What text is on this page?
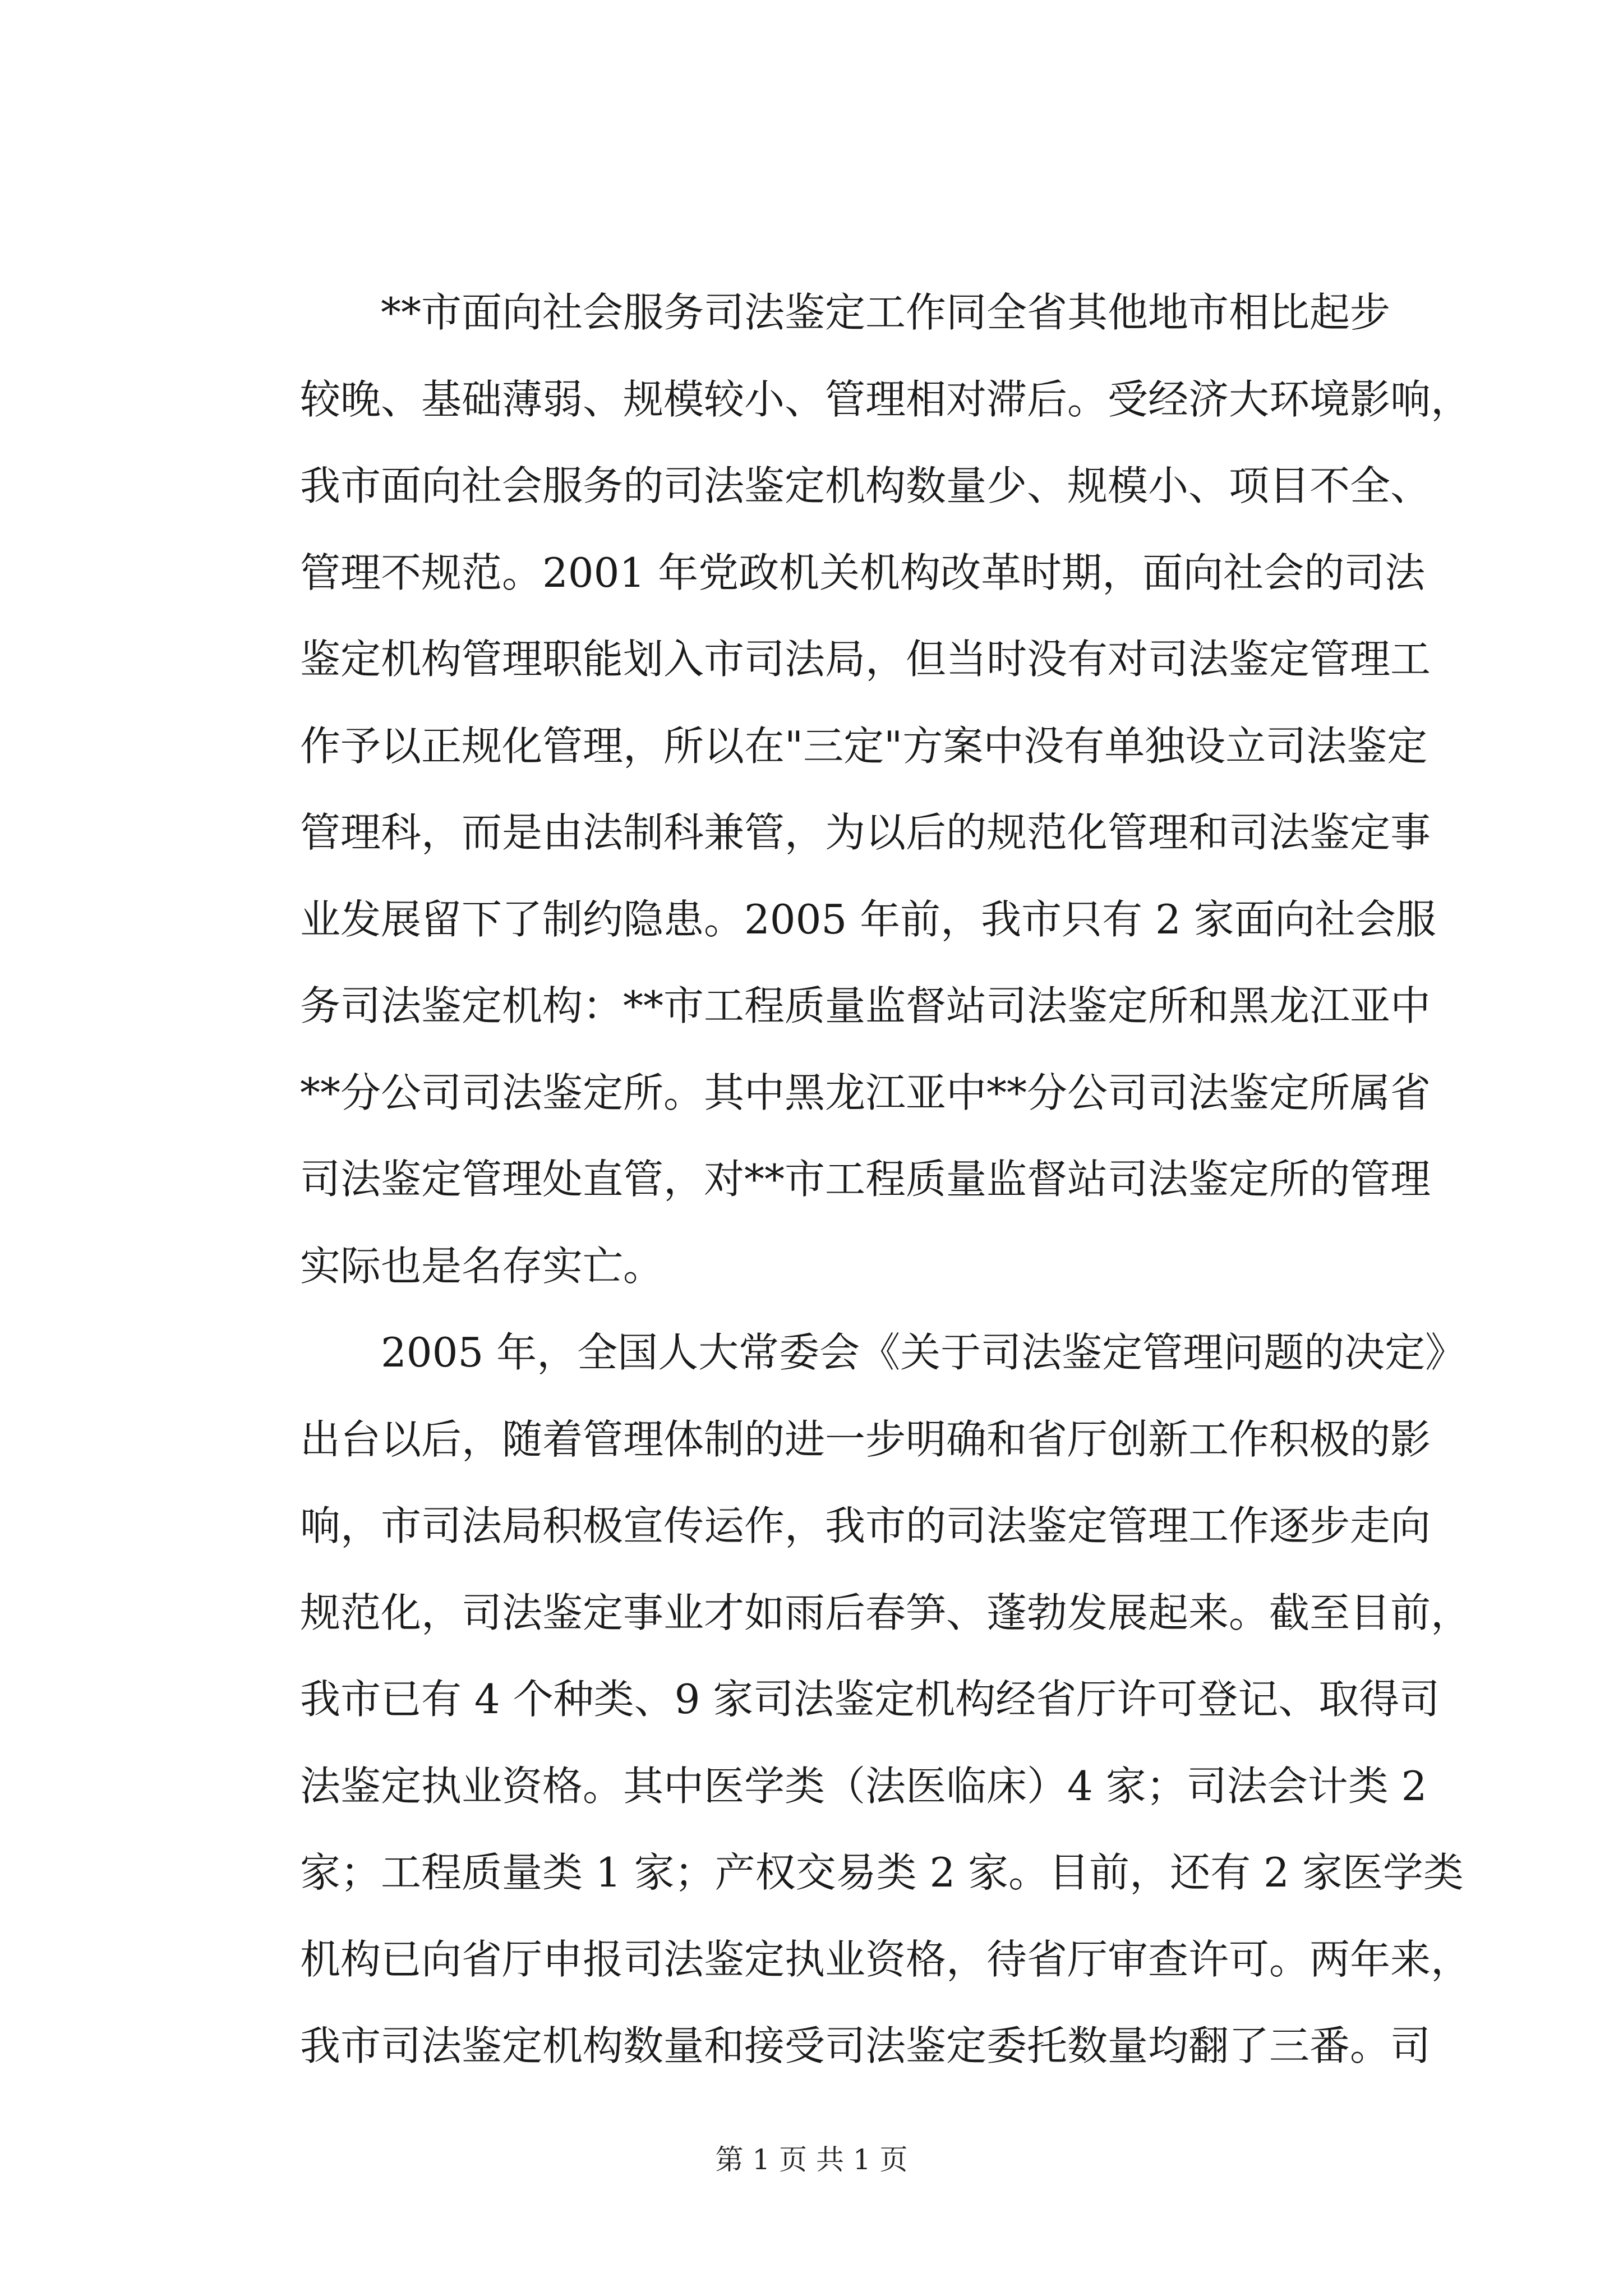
**市面向社会服务司法鉴定工作同全省其他地市相比起步
较晚、基础薄弱、规模较小、管理相对滞后。受经济大环境影响，
我市面向社会服务的司法鉴定机构数量少、规模小、项目不全、
管理不规范。2001 年党政机关机构改革时期，面向社会的司法
鉴定机构管理职能划入市司法局，但当时没有对司法鉴定管理工
作予以正规化管理，所以在"三定"方案中没有单独设立司法鉴定
管理科，而是由法制科兼管，为以后的规范化管理和司法鉴定事
业发展留下了制约隐患。2005 年前，我市只有 2 家面向社会服
务司法鉴定机构：**市工程质量监督站司法鉴定所和黑龙江亚中
**分公司司法鉴定所。其中黑龙江亚中**分公司司法鉴定所属省
司法鉴定管理处直管，对**市工程质量监督站司法鉴定所的管理
实际也是名存实亡。
2005 年，全国人大常委会《关于司法鉴定管理问题的决定》
出台以后，随着管理体制的进一步明确和省厅创新工作积极的影
响，市司法局积极宣传运作，我市的司法鉴定管理工作逐步走向
规范化，司法鉴定事业才如雨后春笋、蓬勃发展起来。截至目前，
我市已有 4 个种类、9 家司法鉴定机构经省厅许可登记、取得司
法鉴定执业资格。其中医学类（法医临床）4 家；司法会计类 2
家；工程质量类 1 家；产权交易类 2 家。目前，还有 2 家医学类
机构已向省厅申报司法鉴定执业资格，待省厅审查许可。两年来，
我市司法鉴定机构数量和接受司法鉴定委托数量均翻了三番。司
第 1 页 共 1 页
